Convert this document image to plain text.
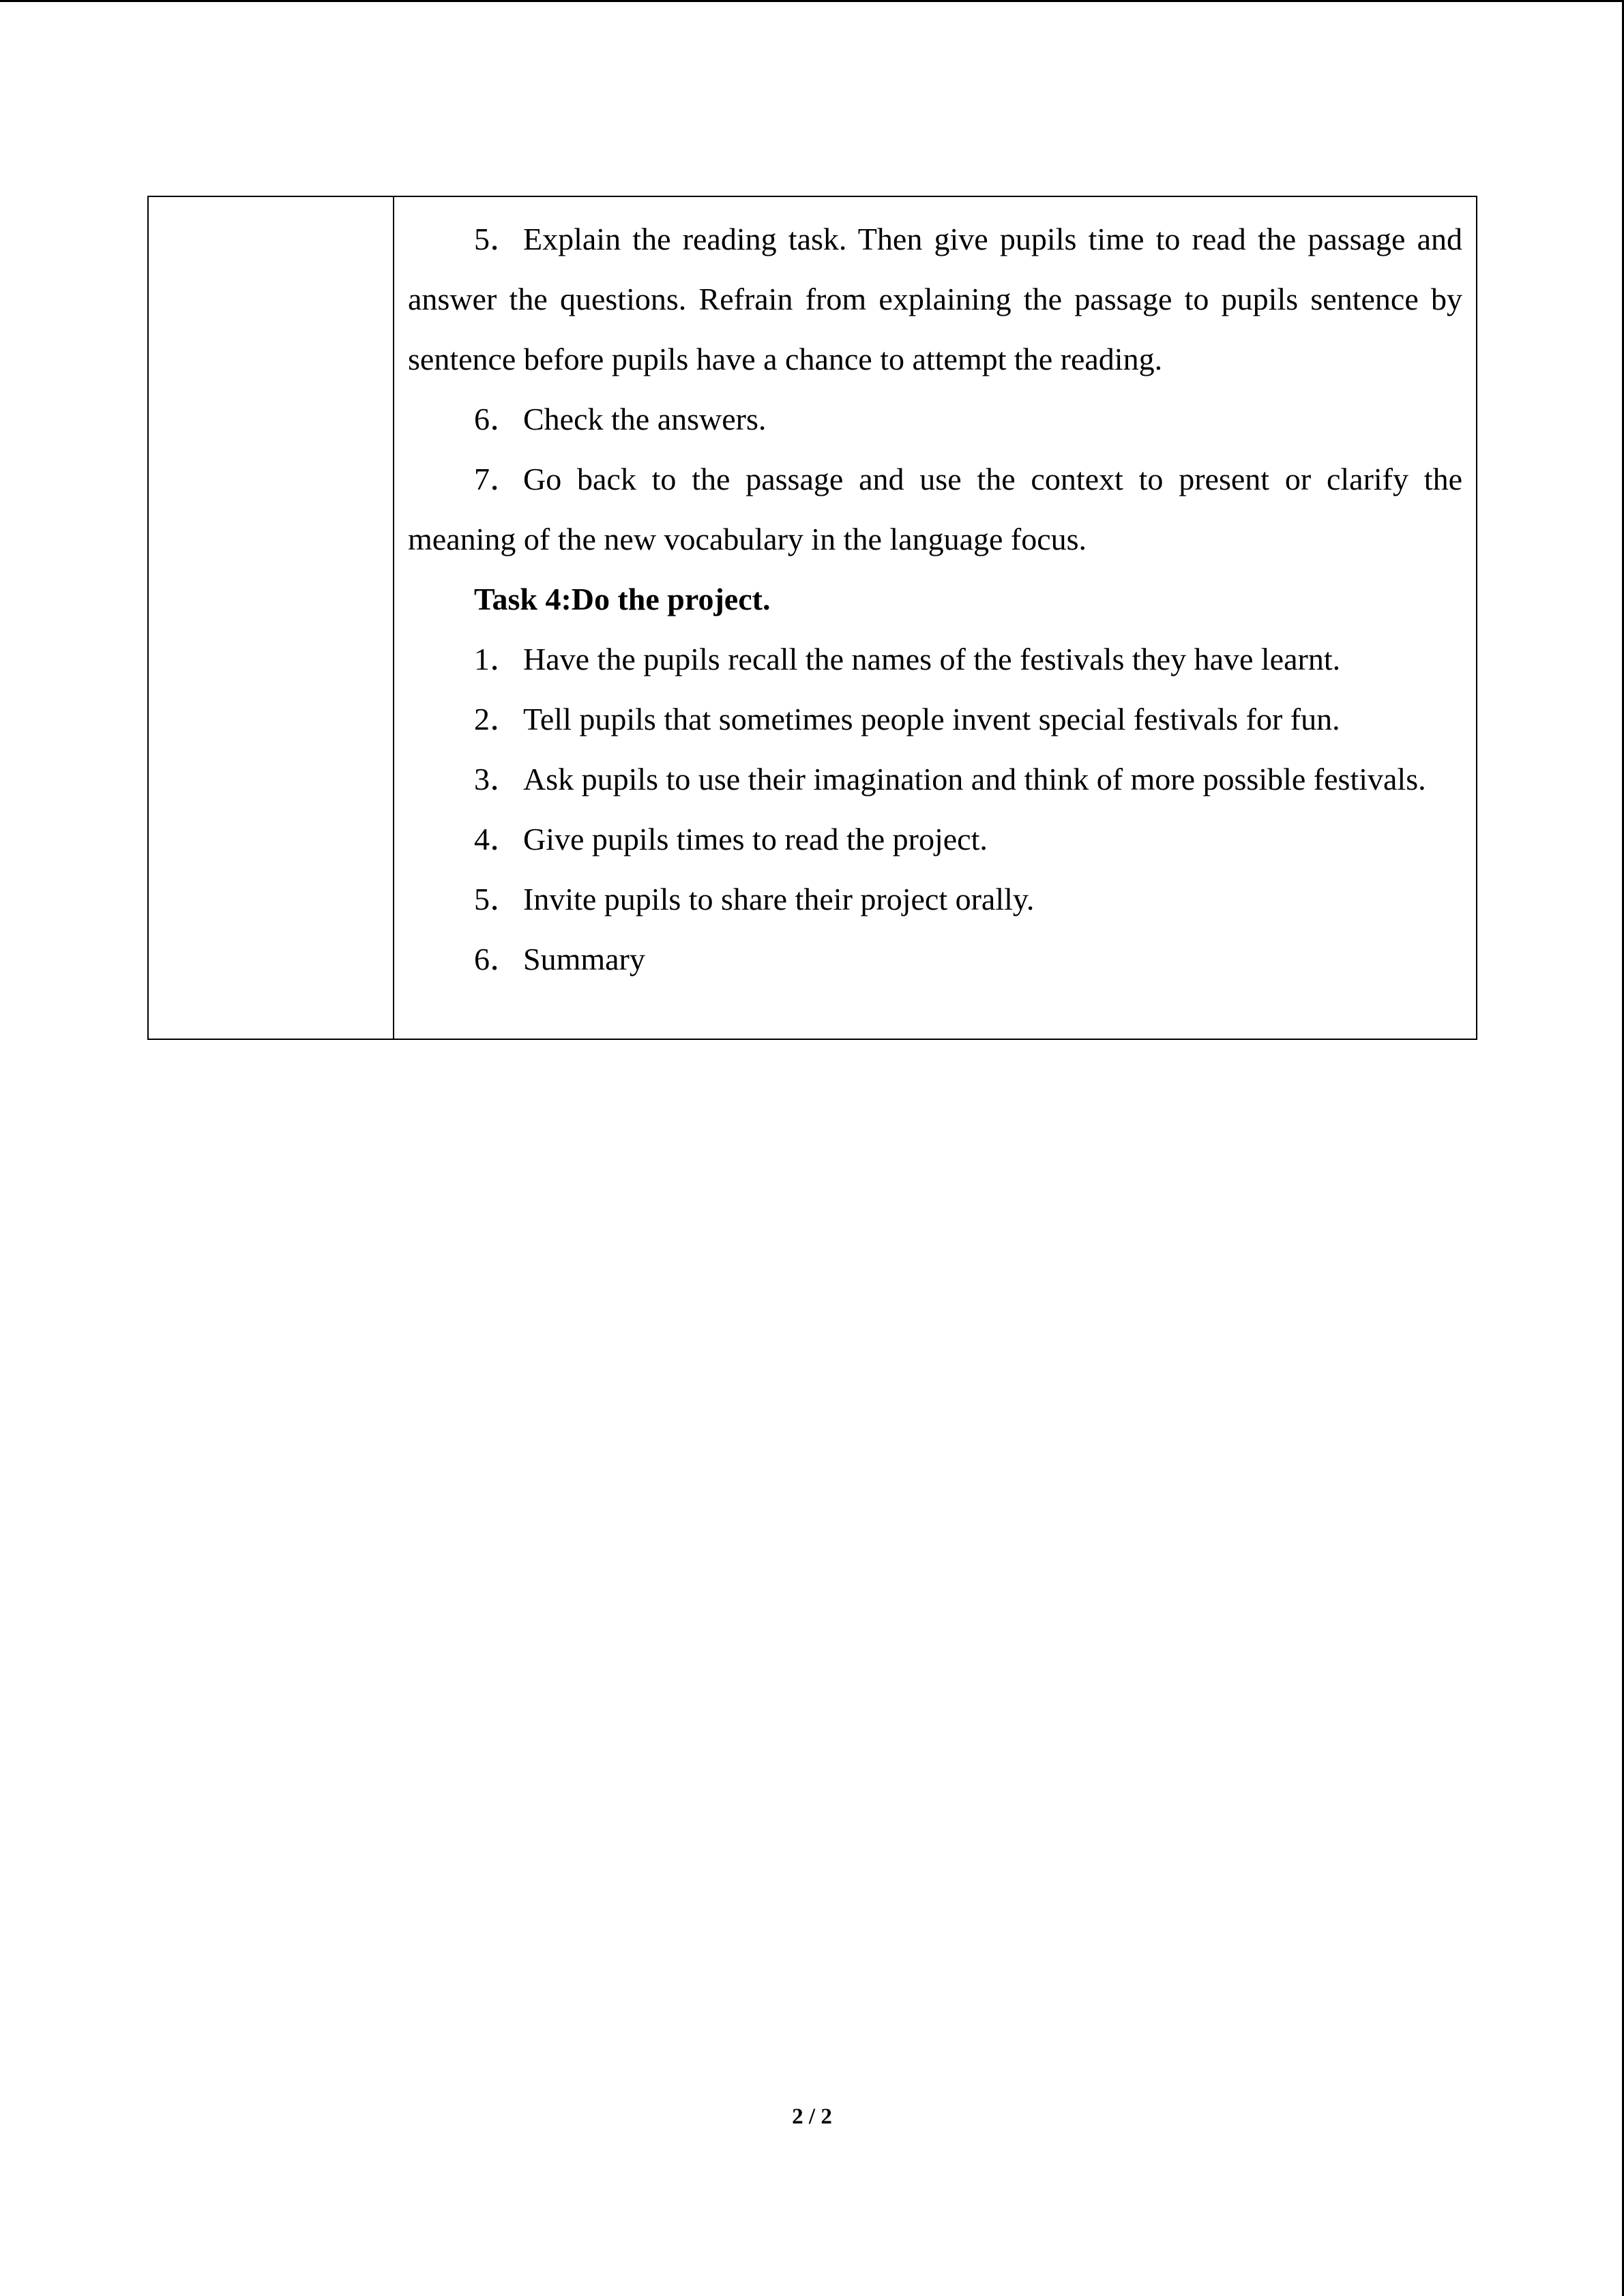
5．Explain the reading task. Then give pupils time to read the passage and answer the questions. Refrain from explaining the passage to pupils sentence by sentence before pupils have a chance to attempt the reading.

6．Check the answers.

7．Go back to the passage and use the context to present or clarify the meaning of the new vocabulary in the language focus.

Task 4:Do the project.

1．Have the pupils recall the names of the festivals they have learnt.

2．Tell pupils that sometimes people invent special festivals for fun.

3．Ask pupils to use their imagination and think of more possible festivals.

4．Give pupils times to read the project.

5．Invite pupils to share their project orally.

6．Summary

2 / 2
